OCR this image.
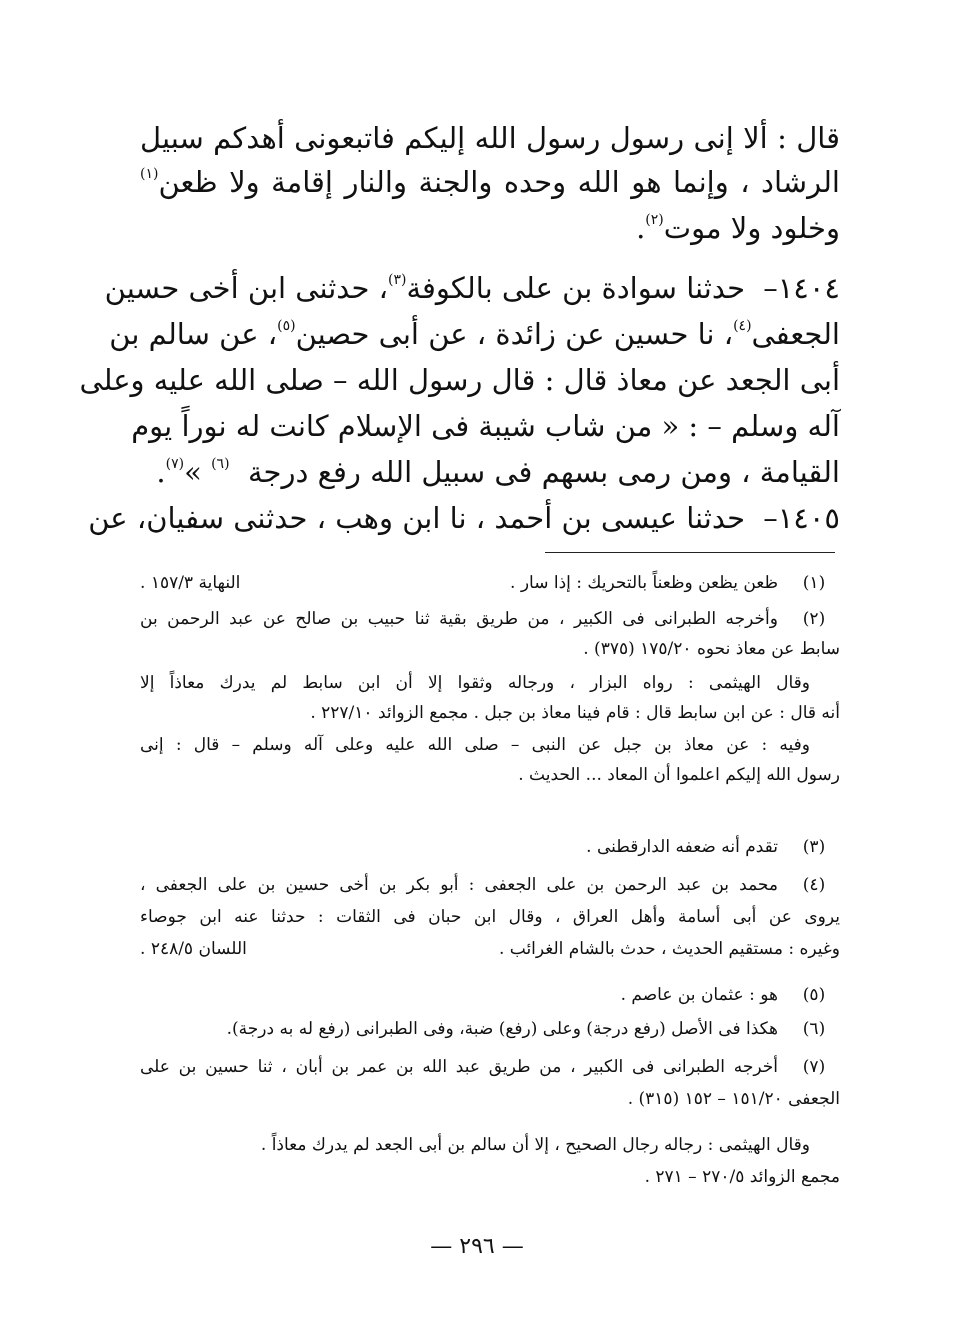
قال : ألا إنى رسول رسول الله إليكم فاتبعونى أهدكم سبيل
الرشاد ، وإنما هو الله وحده والجنة والنار إقامة ولا ظعن$^{(١)}$
وخلود ولا موت$^{(٢)}$.
١٤٠٤–
حدثنا سوادة بن على بالكوفة$^{(٣)}$، حدثنى ابن أخى حسين
الجعفى$^{(٤)}$، نا حسين عن زائدة ، عن أبى حصين$^{(٥)}$، عن سالم بن
أبى الجعد عن معاذ قال : قال رسول الله – صلى الله عليه وعلى
آله وسلم – : « من شاب شيبة فى الإسلام كانت له نوراً يوم
القيامة ، ومن رمى بسهم فى سبيل الله رفع درجة  $^{(٦)}$ »$^{(٧)}$.
١٤٠٥–
حدثنا عيسى بن أحمد ، نا ابن وهب ، حدثنى سفيان، عن
(١)
ظعن يظعن وظعناً بالتحريك : إذا سار .
النهاية ١٥٧/٣ .
(٢)
وأخرجه الطبرانى فى الكبير ، من طريق بقية ثنا حبيب بن صالح عن عبد الرحمن بن
سابط عن معاذ نحوه ١٧٥/٢٠ (٣٧٥) .
وقال الهيثمى : رواه البزار ، ورجاله وثقوا إلا أن ابن سابط لم يدرك معاذاً إلا
أنه قال : عن ابن سابط قال : قام فينا معاذ بن جبل . مجمع الزوائد ٢٢٧/١٠ .
وفيه : عن معاذ بن جبل عن النبى – صلى الله عليه وعلى آله وسلم – قال : إنى
رسول الله إليكم اعلموا أن المعاد ... الحديث .
(٣)
تقدم أنه ضعفه الدارقطنى .
(٤)
محمد بن عبد الرحمن بن على الجعفى : أبو بكر بن أخى حسين بن على الجعفى ،
يروى عن أبى أسامة وأهل العراق ، وقال ابن حبان فى الثقات : حدثنا عنه ابن جوصاء
وغيره : مستقيم الحديث ، حدث بالشام الغرائب .
اللسان ٢٤٨/٥ .
(٥)
هو : عثمان بن عاصم .
(٦)
هكذا فى الأصل (رفع درجة) وعلى (رفع) ضبة، وفى الطبرانى (رفع له به درجة).
(٧)
أخرجه الطبرانى فى الكبير ، من طريق عبد الله بن عمر بن أبان ، ثنا حسين بن على
الجعفى ١٥١/٢٠ – ١٥٢ (٣١٥) .
وقال الهيثمى : رجاله رجال الصحيح ، إلا أن سالم بن أبى الجعد لم يدرك معاذاً .
مجمع الزوائد ٢٧٠/٥ – ٢٧١ .
— ٢٩٦ —
